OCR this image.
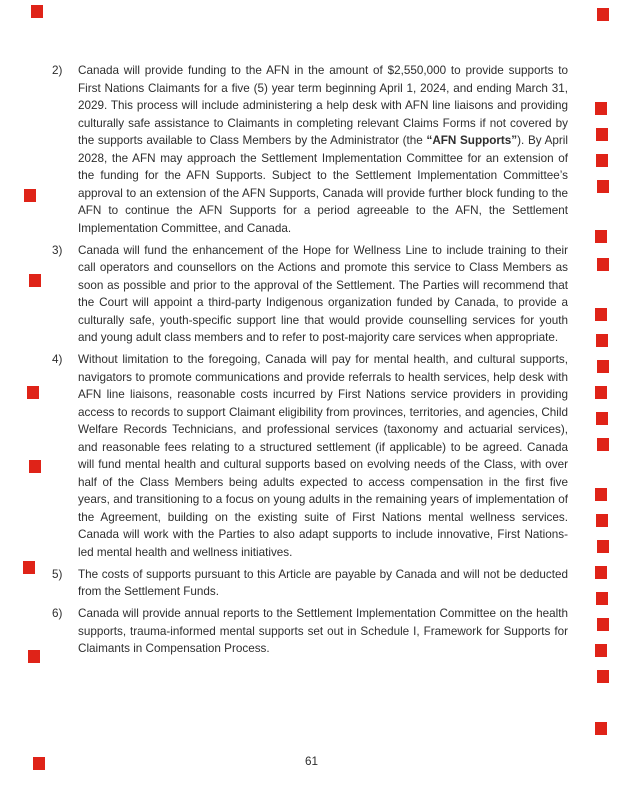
2)	Canada will provide funding to the AFN in the amount of $2,550,000 to provide supports to First Nations Claimants for a five (5) year term beginning April 1, 2024, and ending March 31, 2029. This process will include administering a help desk with AFN line liaisons and providing culturally safe assistance to Claimants in completing relevant Claims Forms if not covered by the supports available to Class Members by the Administrator (the “AFN Supports”). By April 2028, the AFN may approach the Settlement Implementation Committee for an extension of the funding for the AFN Supports. Subject to the Settlement Implementation Committee’s approval to an extension of the AFN Supports, Canada will provide further block funding to the AFN to continue the AFN Supports for a period agreeable to the AFN, the Settlement Implementation Committee, and Canada.

3)	Canada will fund the enhancement of the Hope for Wellness Line to include training to their call operators and counsellors on the Actions and promote this service to Class Members as soon as possible and prior to the approval of the Settlement. The Parties will recommend that the Court will appoint a third-party Indigenous organization funded by Canada, to provide a culturally safe, youth-specific support line that would provide counselling services for youth and young adult class members and to refer to post-majority care services when appropriate.

4)	Without limitation to the foregoing, Canada will pay for mental health, and cultural supports, navigators to promote communications and provide referrals to health services, help desk with AFN line liaisons, reasonable costs incurred by First Nations service providers in providing access to records to support Claimant eligibility from provinces, territories, and agencies, Child Welfare Records Technicians, and professional services (taxonomy and actuarial services), and reasonable fees relating to a structured settlement (if applicable) to be agreed. Canada will fund mental health and cultural supports based on evolving needs of the Class, with over half of the Class Members being adults expected to access compensation in the first five years, and transitioning to a focus on young adults in the remaining years of implementation of the Agreement, building on the existing suite of First Nations mental wellness services. Canada will work with the Parties to also adapt supports to include innovative, First Nations-led mental health and wellness initiatives.

5)	The costs of supports pursuant to this Article are payable by Canada and will not be deducted from the Settlement Funds.

6)	Canada will provide annual reports to the Settlement Implementation Committee on the health supports, trauma-informed mental supports set out in Schedule I, Framework for Supports for Claimants in Compensation Process.

61
